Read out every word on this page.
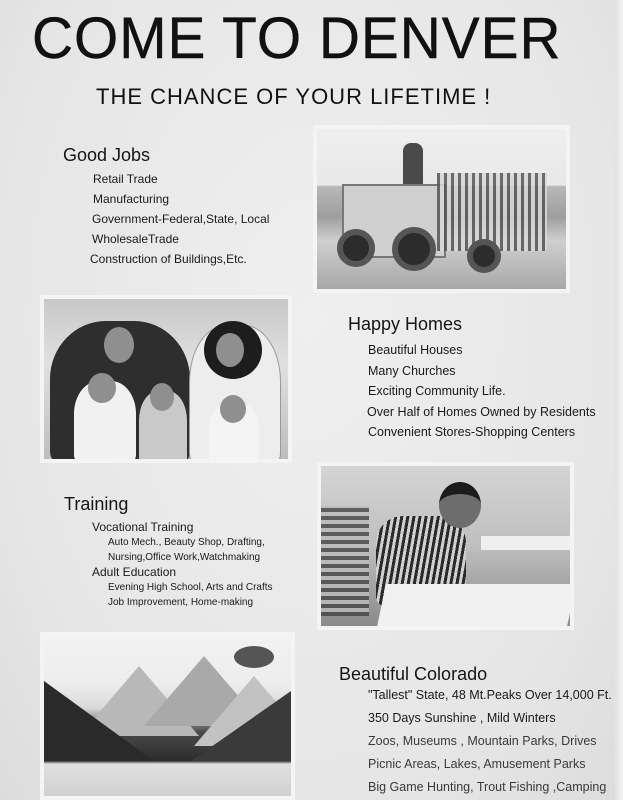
COME TO DENVER
THE CHANCE OF YOUR LIFETIME !
Good Jobs
Retail Trade
Manufacturing
Government-Federal,State, Local
WholesaleTrade
Construction of Buildings,Etc.
Happy Homes
Beautiful Houses
Many Churches
Exciting Community Life.
Over Half of Homes Owned by Residents
Convenient Stores-Shopping Centers
Training
Vocational Training
Auto Mech., Beauty Shop, Drafting,
Nursing,Office Work,Watchmaking
Adult Education
Evening High School, Arts and Crafts
Job Improvement, Home-making
Beautiful Colorado
"Tallest" State, 48 Mt.Peaks Over 14,000 Ft.
350 Days Sunshine , Mild Winters
Zoos, Museums , Mountain Parks, Drives
Picnic Areas, Lakes, Amusement Parks
Big Game Hunting, Trout Fishing ,Camping
